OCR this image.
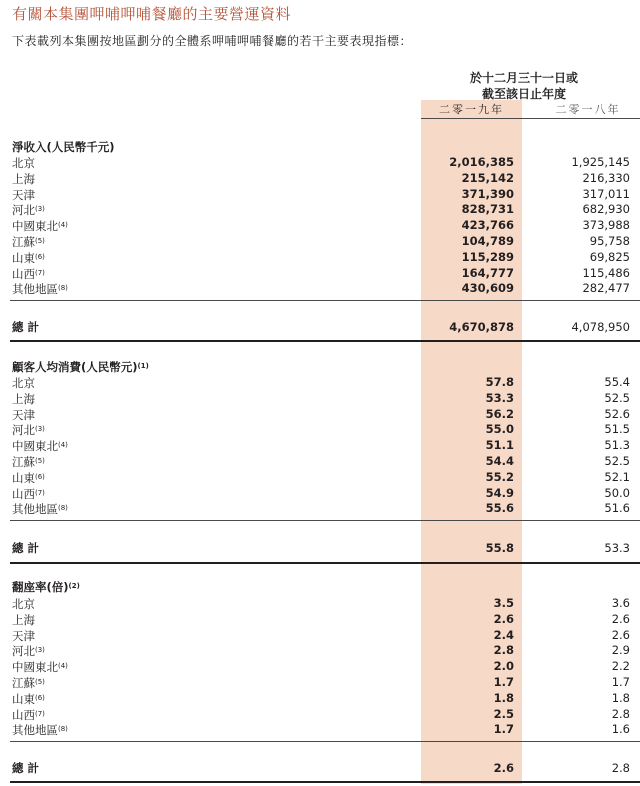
有關本集團呷哺呷哺餐廳的主要營運資料
下表載列本集團按地區劃分的全體系呷哺呷哺餐廳的若干主要表現指標：
於十二月三十一日或
截至該日止年度
二零一九年	二零一八年
淨收入(人民幣千元)
北京	2,016,385	1,925,145
上海	215,142	216,330
天津	371,390	317,011
河北$^{(3)}$	828,731	682,930
中國東北$^{(4)}$	423,766	373,988
江蘇$^{(5)}$	104,789	95,758
山東$^{(6)}$	115,289	69,825
山西$^{(7)}$	164,777	115,486
其他地區$^{(8)}$	430,609	282,477
總計	4,670,878	4,078,950
顧客人均消費(人民幣元)$^{(1)}$
北京	57.8	55.4
上海	53.3	52.5
天津	56.2	52.6
河北$^{(3)}$	55.0	51.5
中國東北$^{(4)}$	51.1	51.3
江蘇$^{(5)}$	54.4	52.5
山東$^{(6)}$	55.2	52.1
山西$^{(7)}$	54.9	50.0
其他地區$^{(8)}$	55.6	51.6
總計	55.8	53.3
翻座率(倍)$^{(2)}$
北京	3.5	3.6
上海	2.6	2.6
天津	2.4	2.6
河北$^{(3)}$	2.8	2.9
中國東北$^{(4)}$	2.0	2.2
江蘇$^{(5)}$	1.7	1.7
山東$^{(6)}$	1.8	1.8
山西$^{(7)}$	2.5	2.8
其他地區$^{(8)}$	1.7	1.6
總計	2.6	2.8
